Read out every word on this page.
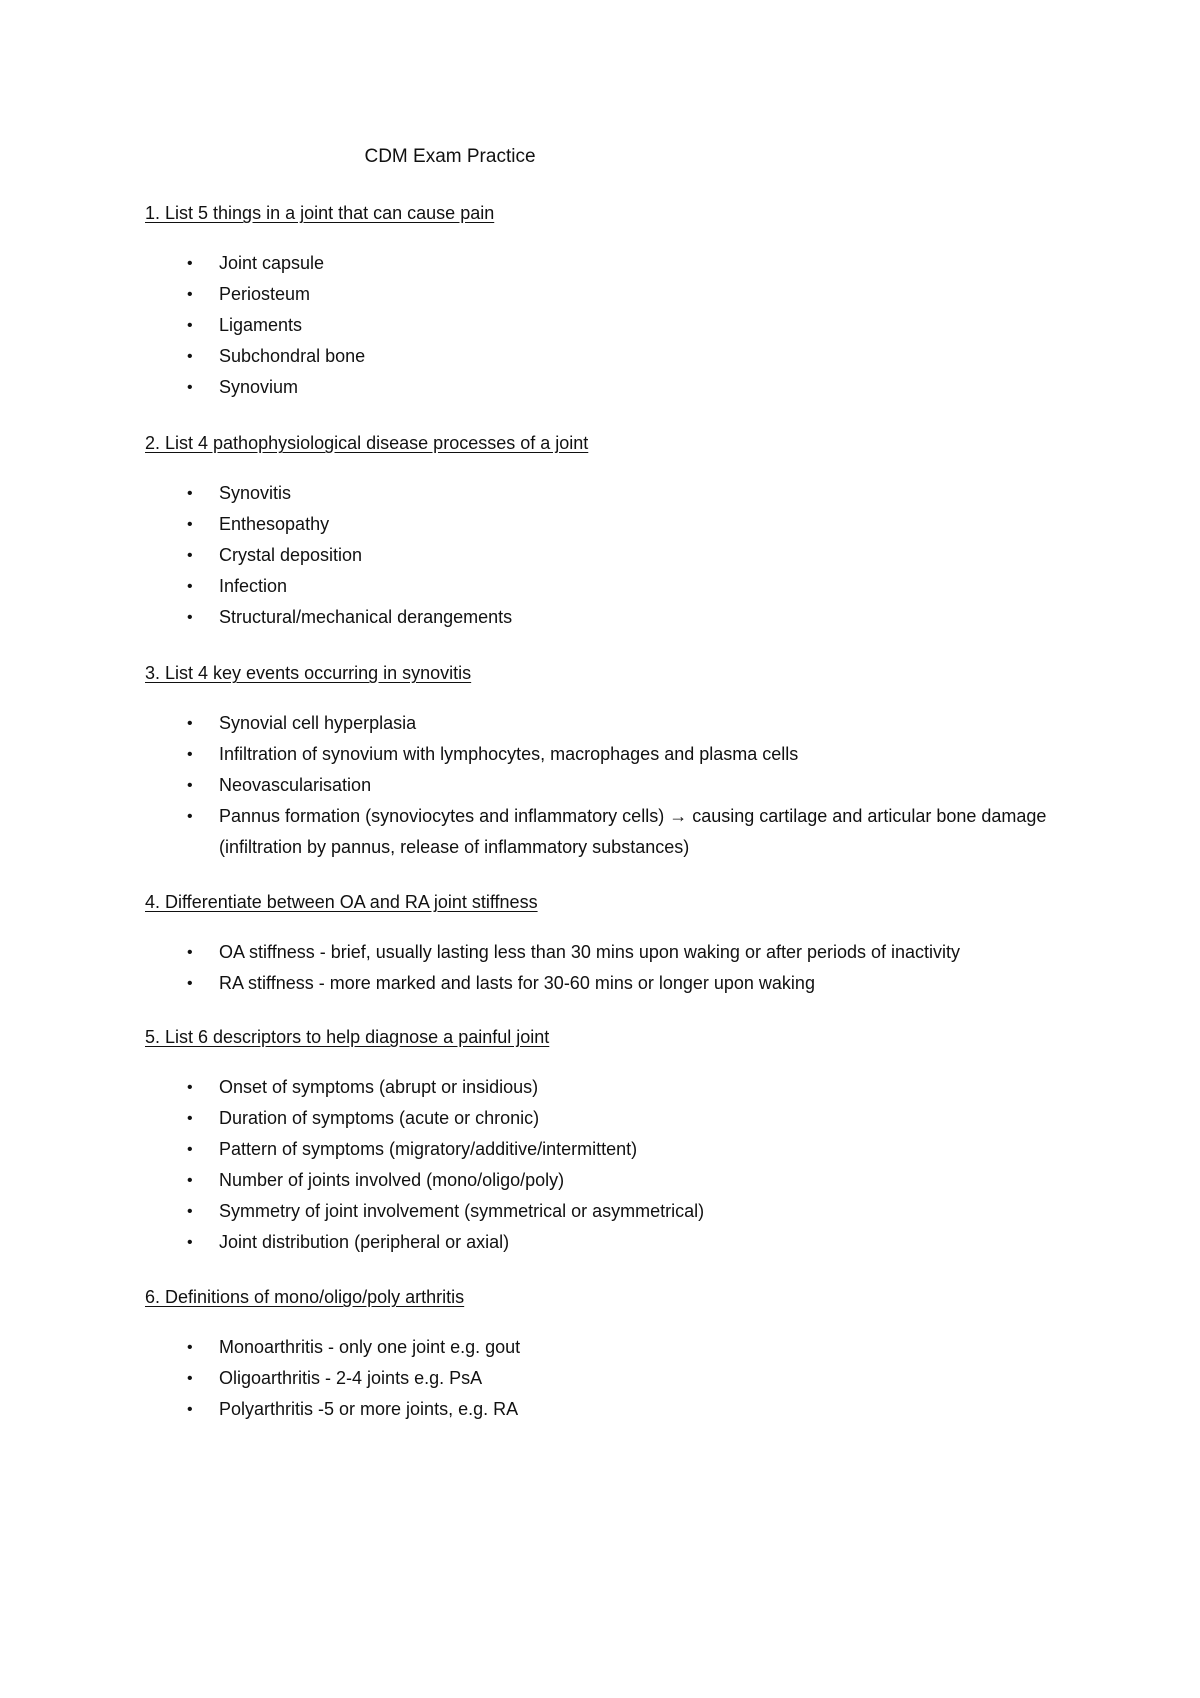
CDM Exam Practice

1. List 5 things in a joint that can cause pain

• Joint capsule
• Periosteum
• Ligaments
• Subchondral bone
• Synovium

2. List 4 pathophysiological disease processes of a joint

• Synovitis
• Enthesopathy
• Crystal deposition
• Infection
• Structural/mechanical derangements

3. List 4 key events occurring in synovitis

• Synovial cell hyperplasia
• Infiltration of synovium with lymphocytes, macrophages and plasma cells
• Neovascularisation
• Pannus formation (synoviocytes and inflammatory cells) → causing cartilage and articular bone damage (infiltration by pannus, release of inflammatory substances)

4. Differentiate between OA and RA joint stiffness

• OA stiffness - brief, usually lasting less than 30 mins upon waking or after periods of inactivity
• RA stiffness - more marked and lasts for 30-60 mins or longer upon waking

5. List 6 descriptors to help diagnose a painful joint

• Onset of symptoms (abrupt or insidious)
• Duration of symptoms (acute or chronic)
• Pattern of symptoms (migratory/additive/intermittent)
• Number of joints involved (mono/oligo/poly)
• Symmetry of joint involvement (symmetrical or asymmetrical)
• Joint distribution (peripheral or axial)

6. Definitions of mono/oligo/poly arthritis

• Monoarthritis - only one joint e.g. gout
• Oligoarthritis - 2-4 joints e.g. PsA
• Polyarthritis -5 or more joints, e.g. RA
